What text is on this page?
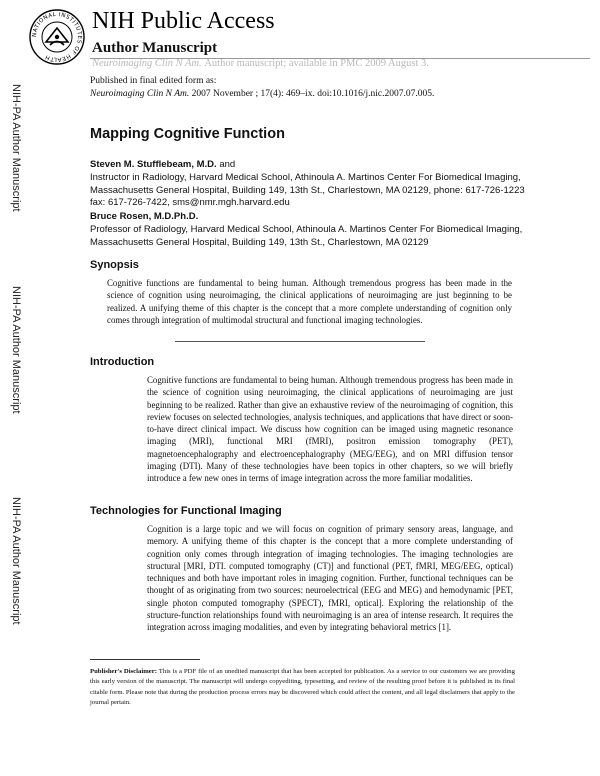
NATIONAL INSTITUTES OF HEALTH
NIH Public Access
Author Manuscript
Neuroimaging Clin N Am. Author manuscript; available in PMC 2009 August 3.
Published in final edited form as:
Neuroimaging Clin N Am. 2007 November ; 17(4): 469–ix. doi:10.1016/j.nic.2007.07.005.
NIH-PA Author Manuscript
NIH-PA Author Manuscript
NIH-PA Author Manuscript
Mapping Cognitive Function
Steven M. Stufflebeam, M.D. and
Instructor in Radiology, Harvard Medical School, Athinoula A. Martinos Center For Biomedical Imaging, Massachusetts General Hospital, Building 149, 13th St., Charlestown, MA 02129, phone: 617-726-1223 fax: 617-726-7422, sms@nmr.mgh.harvard.edu
Bruce Rosen, M.D.Ph.D.
Professor of Radiology, Harvard Medical School, Athinoula A. Martinos Center For Biomedical Imaging, Massachusetts General Hospital, Building 149, 13th St., Charlestown, MA 02129
Synopsis
Cognitive functions are fundamental to being human. Although tremendous progress has been made in the science of cognition using neuroimaging, the clinical applications of neuroimaging are just beginning to be realized. A unifying theme of this chapter is the concept that a more complete understanding of cognition only comes through integration of multimodal structural and functional imaging technologies.
Introduction
Cognitive functions are fundamental to being human. Although tremendous progress has been made in the science of cognition using neuroimaging, the clinical applications of neuroimaging are just beginning to be realized. Rather than give an exhaustive review of the neuroimaging of cognition, this review focuses on selected technologies, analysis techniques, and applications that have direct or soon-to-have direct clinical impact. We discuss how cognition can be imaged using magnetic resonance imaging (MRI), functional MRI (fMRI), positron emission tomography (PET), magnetoencephalography and electroencephalography (MEG/EEG), and on MRI diffusion tensor imaging (DTI). Many of these technologies have been topics in other chapters, so we will briefly introduce a few new ones in terms of image integration across the more familiar modalities.
Technologies for Functional Imaging
Cognition is a large topic and we will focus on cognition of primary sensory areas, language, and memory. A unifying theme of this chapter is the concept that a more complete understanding of cognition only comes through integration of imaging technologies. The imaging technologies are structural [MRI, DTI. computed tomography (CT)] and functional (PET, fMRI, MEG/EEG, optical) techniques and both have important roles in imaging cognition. Further, functional techniques can be thought of as originating from two sources: neuroelectrical (EEG and MEG) and hemodynamic [PET, single photon computed tomography (SPECT), fMRI, optical]. Exploring the relationship of the structure-function relationships found with neuroimaging is an area of intense research. It requires the integration across imaging modalities, and even by integrating behavioral metrics [1].
Publisher's Disclaimer: This is a PDF file of an unedited manuscript that has been accepted for publication. As a service to our customers we are providing this early version of the manuscript. The manuscript will undergo copyediting, typesetting, and review of the resulting proof before it is published in its final citable form. Please note that during the production process errors may be discovered which could affect the content, and all legal disclaimers that apply to the journal pertain.
